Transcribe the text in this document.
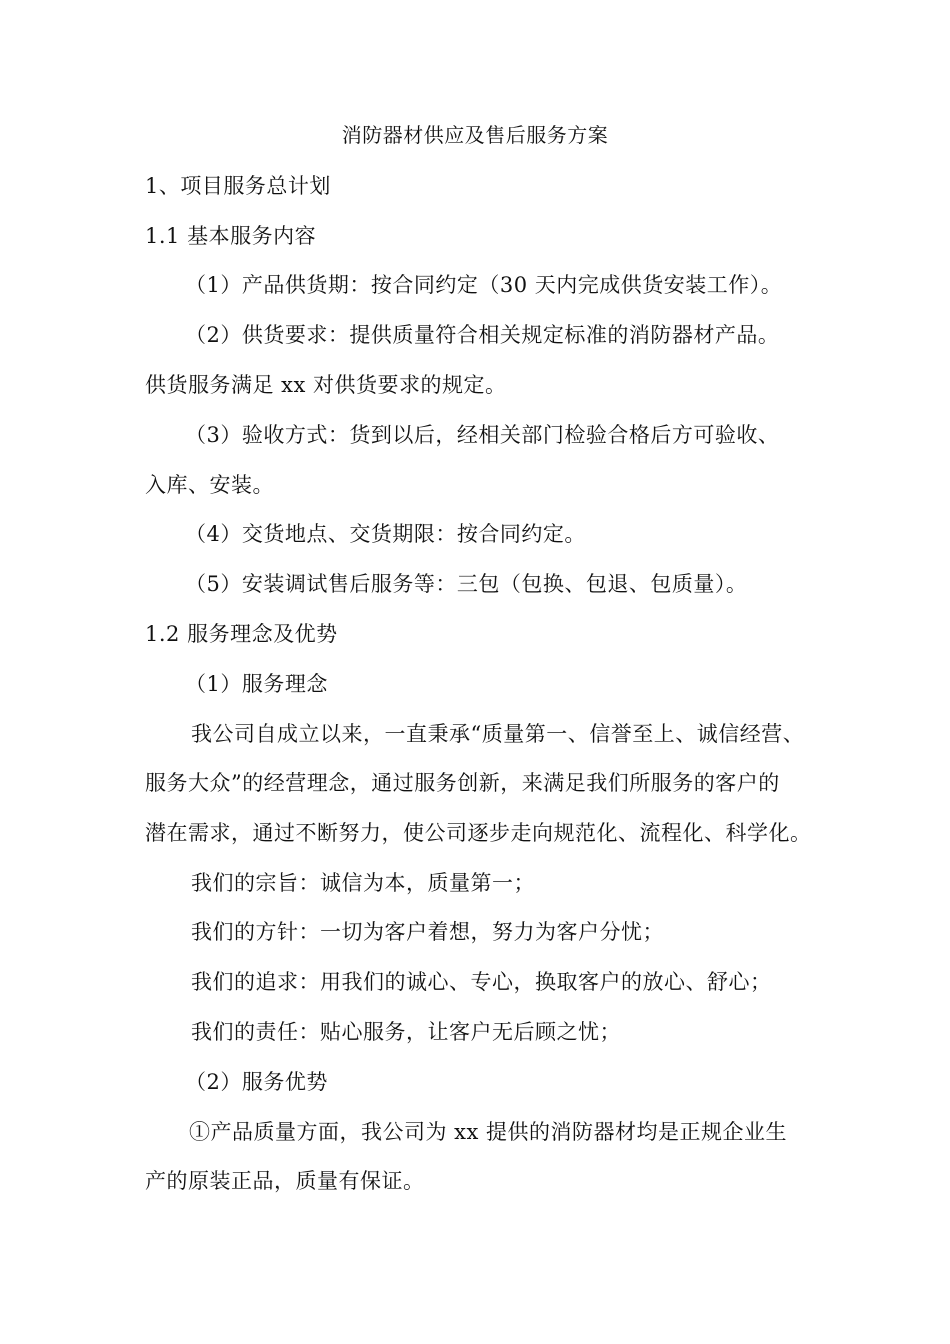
消防器材供应及售后服务方案

1、项目服务总计划

1.1 基本服务内容

（1）产品供货期：按合同约定（30 天内完成供货安装工作）。

（2）供货要求：提供质量符合相关规定标准的消防器材产品。

供货服务满足 xx 对供货要求的规定。

（3）验收方式：货到以后，经相关部门检验合格后方可验收、

入库、安装。

（4）交货地点、交货期限：按合同约定。

（5）安装调试售后服务等：三包（包换、包退、包质量）。

1.2 服务理念及优势

（1）服务理念

我公司自成立以来，一直秉承“质量第一、信誉至上、诚信经营、

服务大众”的经营理念，通过服务创新，来满足我们所服务的客户的

潜在需求，通过不断努力，使公司逐步走向规范化、流程化、科学化。

我们的宗旨：诚信为本，质量第一；

我们的方针：一切为客户着想，努力为客户分忧；

我们的追求：用我们的诚心、专心，换取客户的放心、舒心；

我们的责任：贴心服务，让客户无后顾之忧；

（2）服务优势

①产品质量方面，我公司为 xx 提供的消防器材均是正规企业生

产的原装正品，质量有保证。
